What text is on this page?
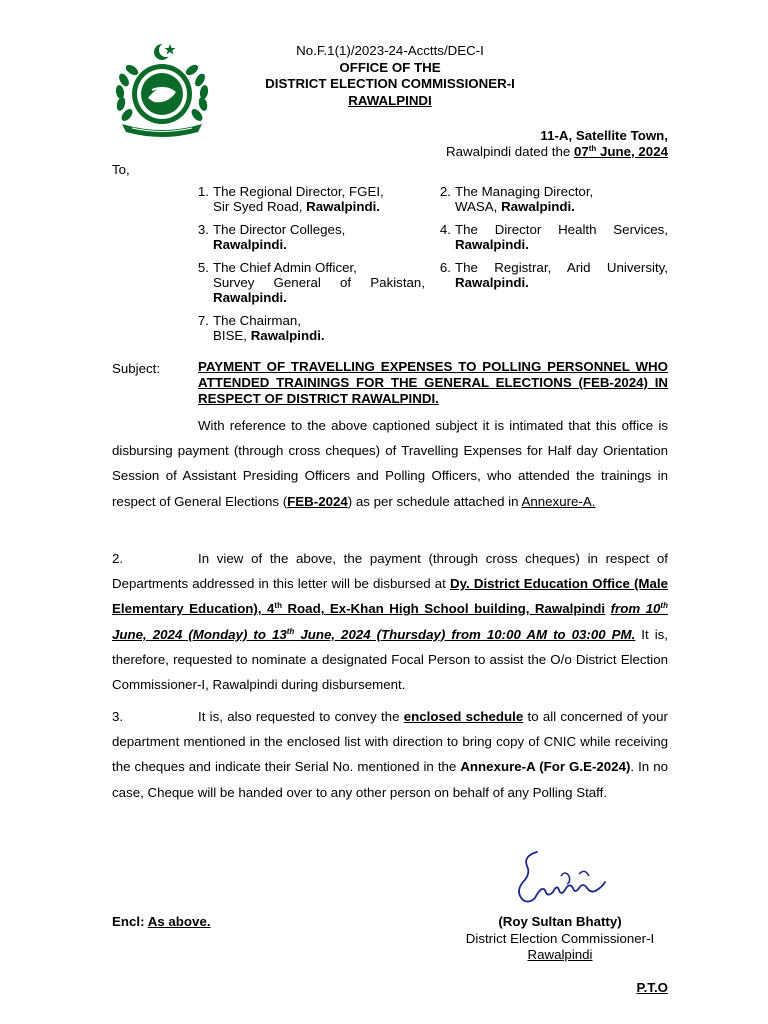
No.F.1(1)/2023-24-Acctts/DEC-I
OFFICE OF THE
DISTRICT ELECTION COMMISSIONER-I
RAWALPINDI
11-A, Satellite Town,
Rawalpindi dated the 07th June, 2024
To,
1. The Regional Director, FGEI,
Sir Syed Road, Rawalpindi.
2. The Managing Director,
WASA, Rawalpindi.
3. The Director Colleges,
Rawalpindi.
4. The Director Health Services,
Rawalpindi.
5. The Chief Admin Officer,
Survey General of Pakistan,
Rawalpindi.
6. The Registrar, Arid University,
Rawalpindi.
7. The Chairman,
BISE, Rawalpindi.
Subject:	PAYMENT OF TRAVELLING EXPENSES TO POLLING PERSONNEL WHO ATTENDED TRAININGS FOR THE GENERAL ELECTIONS (FEB-2024) IN RESPECT OF DISTRICT RAWALPINDI.
With reference to the above captioned subject it is intimated that this office is disbursing payment (through cross cheques) of Travelling Expenses for Half day Orientation Session of Assistant Presiding Officers and Polling Officers, who attended the trainings in respect of General Elections (FEB-2024) as per schedule attached in Annexure-A.
2.	In view of the above, the payment (through cross cheques) in respect of Departments addressed in this letter will be disbursed at Dy. District Education Office (Male Elementary Education), 4th Road, Ex-Khan High School building, Rawalpindi from 10th June, 2024 (Monday) to 13th June, 2024 (Thursday) from 10:00 AM to 03:00 PM. It is, therefore, requested to nominate a designated Focal Person to assist the O/o District Election Commissioner-I, Rawalpindi during disbursement.
3.	It is, also requested to convey the enclosed schedule to all concerned of your department mentioned in the enclosed list with direction to bring copy of CNIC while receiving the cheques and indicate their Serial No. mentioned in the Annexure-A (For G.E-2024). In no case, Cheque will be handed over to any other person on behalf of any Polling Staff.
Encl: As above.	(Roy Sultan Bhatty)
District Election Commissioner-I
Rawalpindi
P.T.O
